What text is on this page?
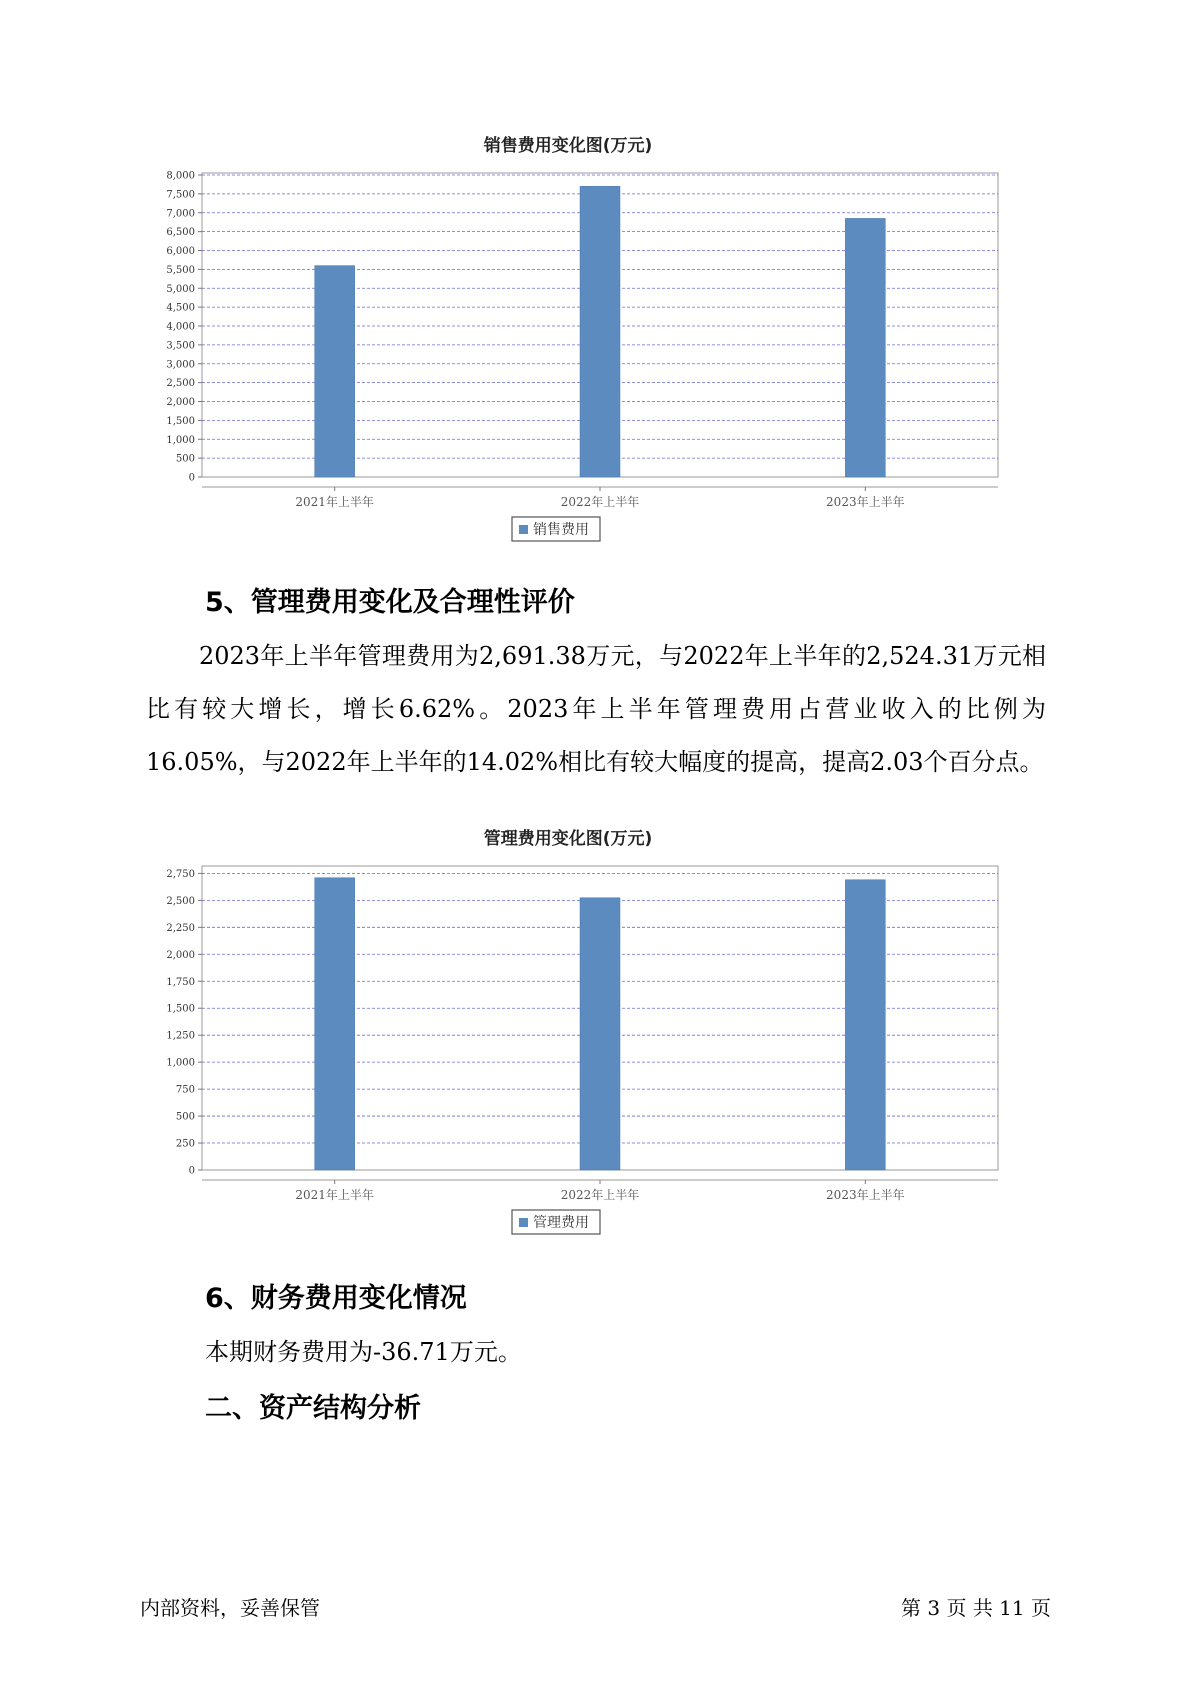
销售费用变化图(万元)
0
500
1,000
1,500
2,000
2,500
3,000
3,500
4,000
4,500
5,000
5,500
6,000
6,500
7,000
7,500
8,000
2021年上半年	2022年上半年	2023年上半年
销售费用
5、管理费用变化及合理性评价

2023年上半年管理费用为2,691.38万元，与2022年上半年的2,524.31万元相比有较大增长，增长6.62%。2023年上半年管理费用占营业收入的比例为16.05%，与2022年上半年的14.02%相比有较大幅度的提高，提高2.03个百分点。

管理费用变化图(万元)
0
250
500
750
1,000
1,250
1,500
1,750
2,000
2,250
2,500
2,750
2021年上半年	2022年上半年	2023年上半年
管理费用
6、财务费用变化情况
本期财务费用为-36.71万元。
二、资产结构分析
内部资料，妥善保管	第 3 页 共 11 页
